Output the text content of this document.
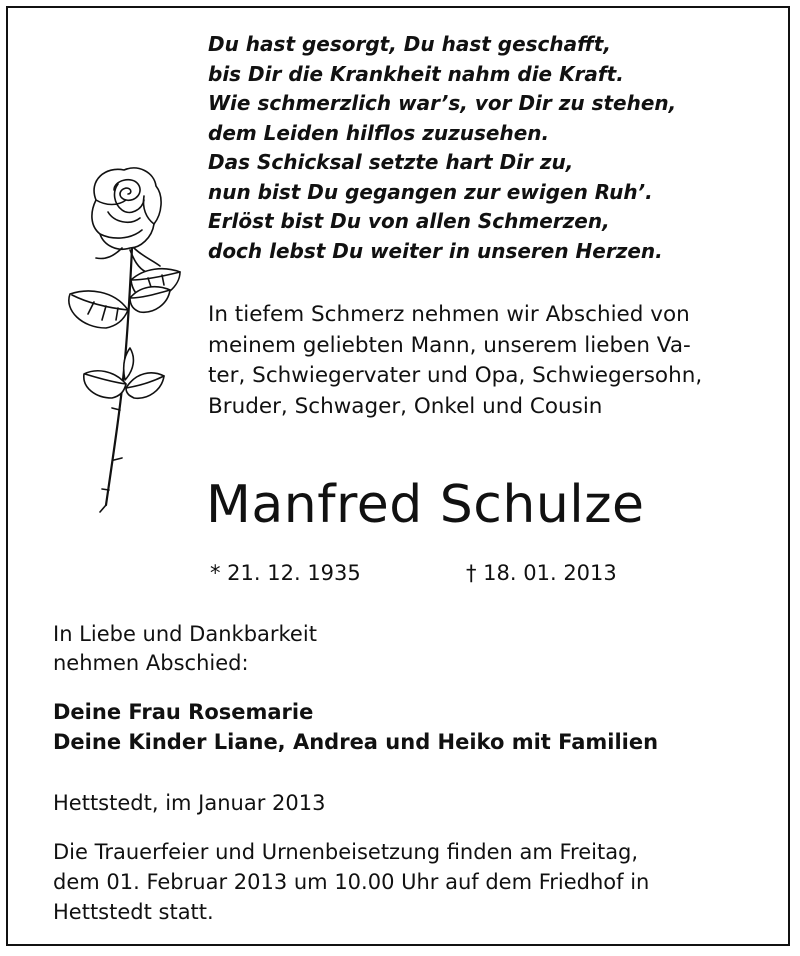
Du hast gesorgt, Du hast geschafft,
bis Dir die Krankheit nahm die Kraft.
Wie schmerzlich war’s, vor Dir zu stehen,
dem Leiden hilflos zuzusehen.
Das Schicksal setzte hart Dir zu,
nun bist Du gegangen zur ewigen Ruh’.
Erlöst bist Du von allen Schmerzen,
doch lebst Du weiter in unseren Herzen.
In tiefem Schmerz nehmen wir Abschied von
meinem geliebten Mann, unserem lieben Va-
ter, Schwiegervater und Opa, Schwiegersohn,
Bruder, Schwager, Onkel und Cousin
Manfred Schulze
* 21. 12. 1935	† 18. 01. 2013
In Liebe und Dankbarkeit
nehmen Abschied:
Deine Frau Rosemarie
Deine Kinder Liane, Andrea und Heiko mit Familien
Hettstedt, im Januar 2013
Die Trauerfeier und Urnenbeisetzung finden am Freitag,
dem 01. Februar 2013 um 10.00 Uhr auf dem Friedhof in
Hettstedt statt.
